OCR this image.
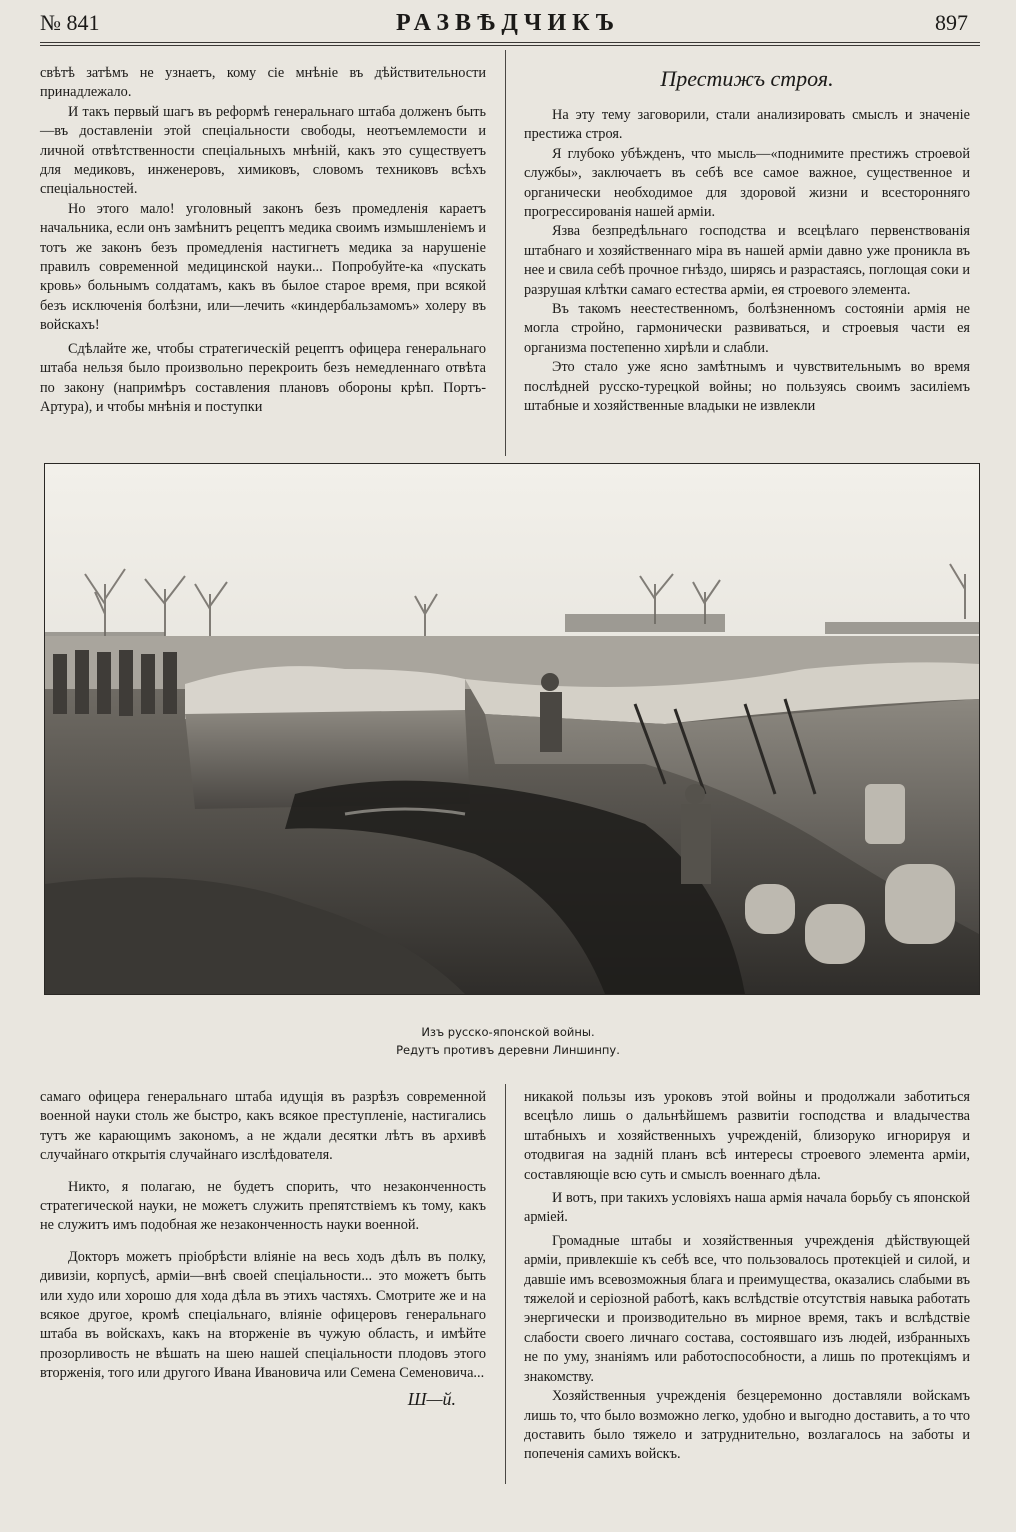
№ 841	РАЗВѢДЧИКЪ	897

свѣтѣ затѣмъ не узнаетъ, кому сіе мнѣніе въ дѣйствительности принадлежало.

И такъ первый шагъ въ реформѣ генеральнаго штаба долженъ быть—въ доставленіи этой спеціальности свободы, неотъемлемости и личной отвѣтственности спеціальныхъ мнѣній, какъ это существуетъ для медиковъ, инженеровъ, химиковъ, словомъ техниковъ всѣхъ спеціальностей.

Но этого мало! уголовный законъ безъ промедленія караетъ начальника, если онъ замѣнитъ рецептъ медика своимъ измышленіемъ и тотъ же законъ безъ промедленія настигнетъ медика за нарушеніе правилъ современной медицинской науки... Попробуйте-ка «пускать кровь» больнымъ солдатамъ, какъ въ былое старое время, при всякой безъ исключенія болѣзни, или—лечить «киндербальзамомъ» холеру въ войскахъ!

Сдѣлайте же, чтобы стратегическій рецептъ офицера генеральнаго штаба нельзя было произвольно перекроить безъ немедленнаго отвѣта по закону (напримѣръ составления плановъ обороны крѣп. Портъ-Артура), и чтобы мнѣнія и поступки

Престижъ строя.

На эту тему заговорили, стали анализировать смыслъ и значеніе престижа строя.

Я глубоко убѣжденъ, что мысль—«поднимите престижъ строевой службы», заключаетъ въ себѣ все самое важное, существенное и органически необходимое для здоровой жизни и всесторонняго прогрессированія нашей арміи.

Язва безпредѣльнаго господства и всецѣлаго первенствованія штабнаго и хозяйственнаго міра въ нашей арміи давно уже проникла въ нее и свила себѣ прочное гнѣздо, ширясь и разрастаясь, поглощая соки и разрушая клѣтки самаго естества арміи, ея строевого элемента.

Въ такомъ неестественномъ, болѣзненномъ состояніи армія не могла стройно, гармонически развиваться, и строевыя части ея организма постепенно хирѣли и слабли.

Это стало уже ясно замѣтнымъ и чувствительнымъ во время послѣдней русско-турецкой войны; но пользуясь своимъ засиліемъ штабные и хозяйственные владыки не извлекли

Изъ русско-японской войны.
Редутъ противъ деревни Линшинпу.

самаго офицера генеральнаго штаба идущія въ разрѣзъ современной военной науки столь же быстро, какъ всякое преступленіе, настигались тутъ же карающимъ закономъ, а не ждали десятки лѣтъ въ архивѣ случайнаго открытія случайнаго изслѣдователя.

Никто, я полагаю, не будетъ спорить, что незаконченность стратегической науки, не можетъ служить препятствіемъ къ тому, какъ не служитъ имъ подобная же незаконченность науки военной.

Докторъ можетъ пріобрѣсти вліяніе на весь ходъ дѣлъ въ полку, дивизіи, корпусѣ, арміи—внѣ своей спеціальности... это можетъ быть или худо или хорошо для хода дѣла въ этихъ частяхъ. Смотрите же и на всякое другое, кромѣ спеціальнаго, вліяніе офицеровъ генеральнаго штаба въ войскахъ, какъ на вторженіе въ чужую область, и имѣйте прозорливость не вѣшать на шею нашей спеціальности плодовъ этого вторженія, того или другого Ивана Ивановича или Семена Семеновича...

Ш—й.

никакой пользы изъ уроковъ этой войны и продолжали заботиться всецѣло лишь о дальнѣйшемъ развитіи господства и владычества штабныхъ и хозяйственныхъ учрежденій, близоруко игнорируя и отодвигая на задній планъ всѣ интересы строевого элемента арміи, составляющіе всю суть и смыслъ военнаго дѣла.

И вотъ, при такихъ условіяхъ наша армія начала борьбу съ японской арміей.

Громадные штабы и хозяйственныя учрежденія дѣйствующей арміи, привлекшіе къ себѣ все, что пользовалось протекціей и силой, и давшіе имъ всевозможныя блага и преимущества, оказались слабыми въ тяжелой и серіозной работѣ, какъ вслѣдствіе отсутствія навыка работать энергически и производительно въ мирное время, такъ и вслѣдствіе слабости своего личнаго состава, состоявшаго изъ людей, избранныхъ не по уму, знаніямъ или работоспособности, а лишь по протекціямъ и знакомству.

Хозяйственныя учрежденія безцеремонно доставляли войскамъ лишь то, что было возможно легко, удобно и выгодно доставить, а то что доставить было тяжело и затруднительно, возлагалось на заботы и попеченія самихъ войскъ.
